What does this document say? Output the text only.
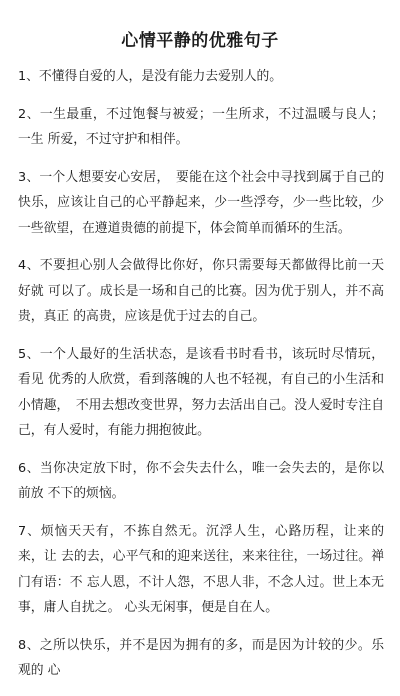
心情平静的优雅句子

1、不懂得自爱的人，是没有能力去爱别人的。

2、一生最重，不过饱餐与被爱；一生所求，不过温暖与良人；一生 所爱，不过守护和相伴。

3、一个人想要安心安居，　要能在这个社会中寻找到属于自己的快乐，应该让自己的心平静起来，少一些浮夸，少一些比较，少一些欲望，在遵道贵德的前提下，体会简单而循环的生活。

4、不要担心别人会做得比你好，你只需要每天都做得比前一天好就 可以了。成长是一场和自己的比赛。因为优于别人，并不高贵，真正 的高贵，应该是优于过去的自己。

5、一个人最好的生活状态，是该看书时看书，该玩时尽情玩，看见 优秀的人欣赏，看到落魄的人也不轻视，有自己的小生活和小情趣，　不用去想改变世界，努力去活出自己。没人爱时专注自己，有人爱时，有能力拥抱彼此。

6、当你决定放下时，你不会失去什么，唯一会失去的，是你以前放 不下的烦恼。

7、烦恼天天有，不拣自然无。沉浮人生，心路历程，让来的来，让 去的去，心平气和的迎来送往，来来往往，一场过往。禅门有语：不 忘人恩，不计人怨，不思人非，不念人过。世上本无事，庸人自扰之。 心头无闲事，便是自在人。

8、之所以快乐，并不是因为拥有的多，而是因为计较的少。乐观的 心
